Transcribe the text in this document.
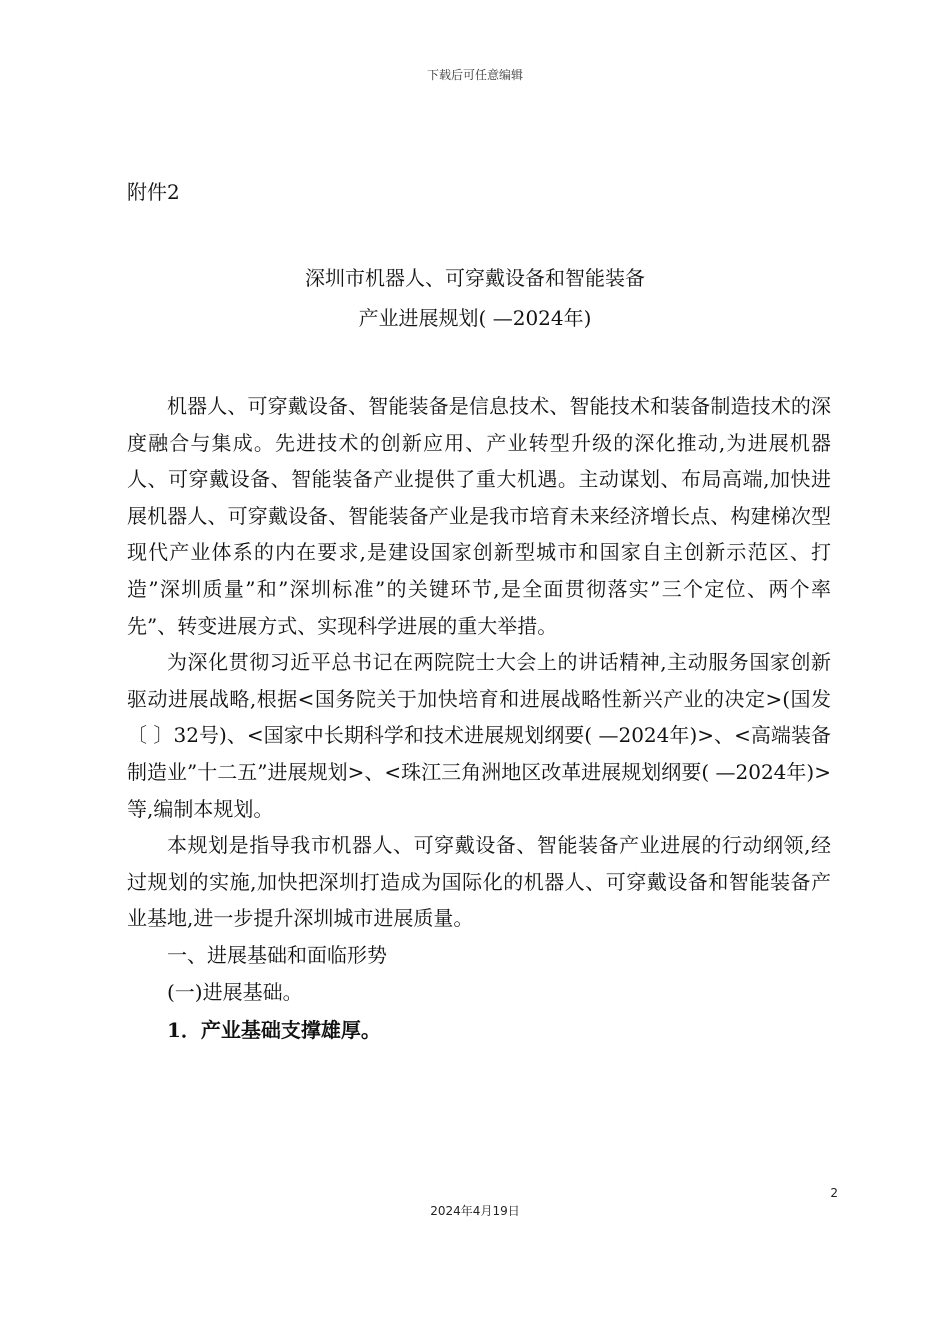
下载后可任意编辑
附件2
深圳市机器人、可穿戴设备和智能装备
产业进展规划( —2024年)

机器人、可穿戴设备、智能装备是信息技术、智能技术和装备制造技术的深度融合与集成。先进技术的创新应用、产业转型升级的深化推动,为进展机器人、可穿戴设备、智能装备产业提供了重大机遇。主动谋划、布局高端,加快进展机器人、可穿戴设备、智能装备产业是我市培育未来经济增长点、构建梯次型现代产业体系的内在要求,是建设国家创新型城市和国家自主创新示范区、打造”深圳质量”和”深圳标准”的关键环节,是全面贯彻落实”三个定位、两个率先”、转变进展方式、实现科学进展的重大举措。

为深化贯彻习近平总书记在两院院士大会上的讲话精神,主动服务国家创新驱动进展战略,根据<国务院关于加快培育和进展战略性新兴产业的决定>(国发〔 〕32号)、<国家中长期科学和技术进展规划纲要( —2024年)>、<高端装备制造业”十二五”进展规划>、<珠江三角洲地区改革进展规划纲要( —2024年)>等,编制本规划。

本规划是指导我市机器人、可穿戴设备、智能装备产业进展的行动纲领,经过规划的实施,加快把深圳打造成为国际化的机器人、可穿戴设备和智能装备产业基地,进一步提升深圳城市进展质量。

一、进展基础和面临形势

(一)进展基础。

1．产业基础支撑雄厚。

2
2024年4月19日
